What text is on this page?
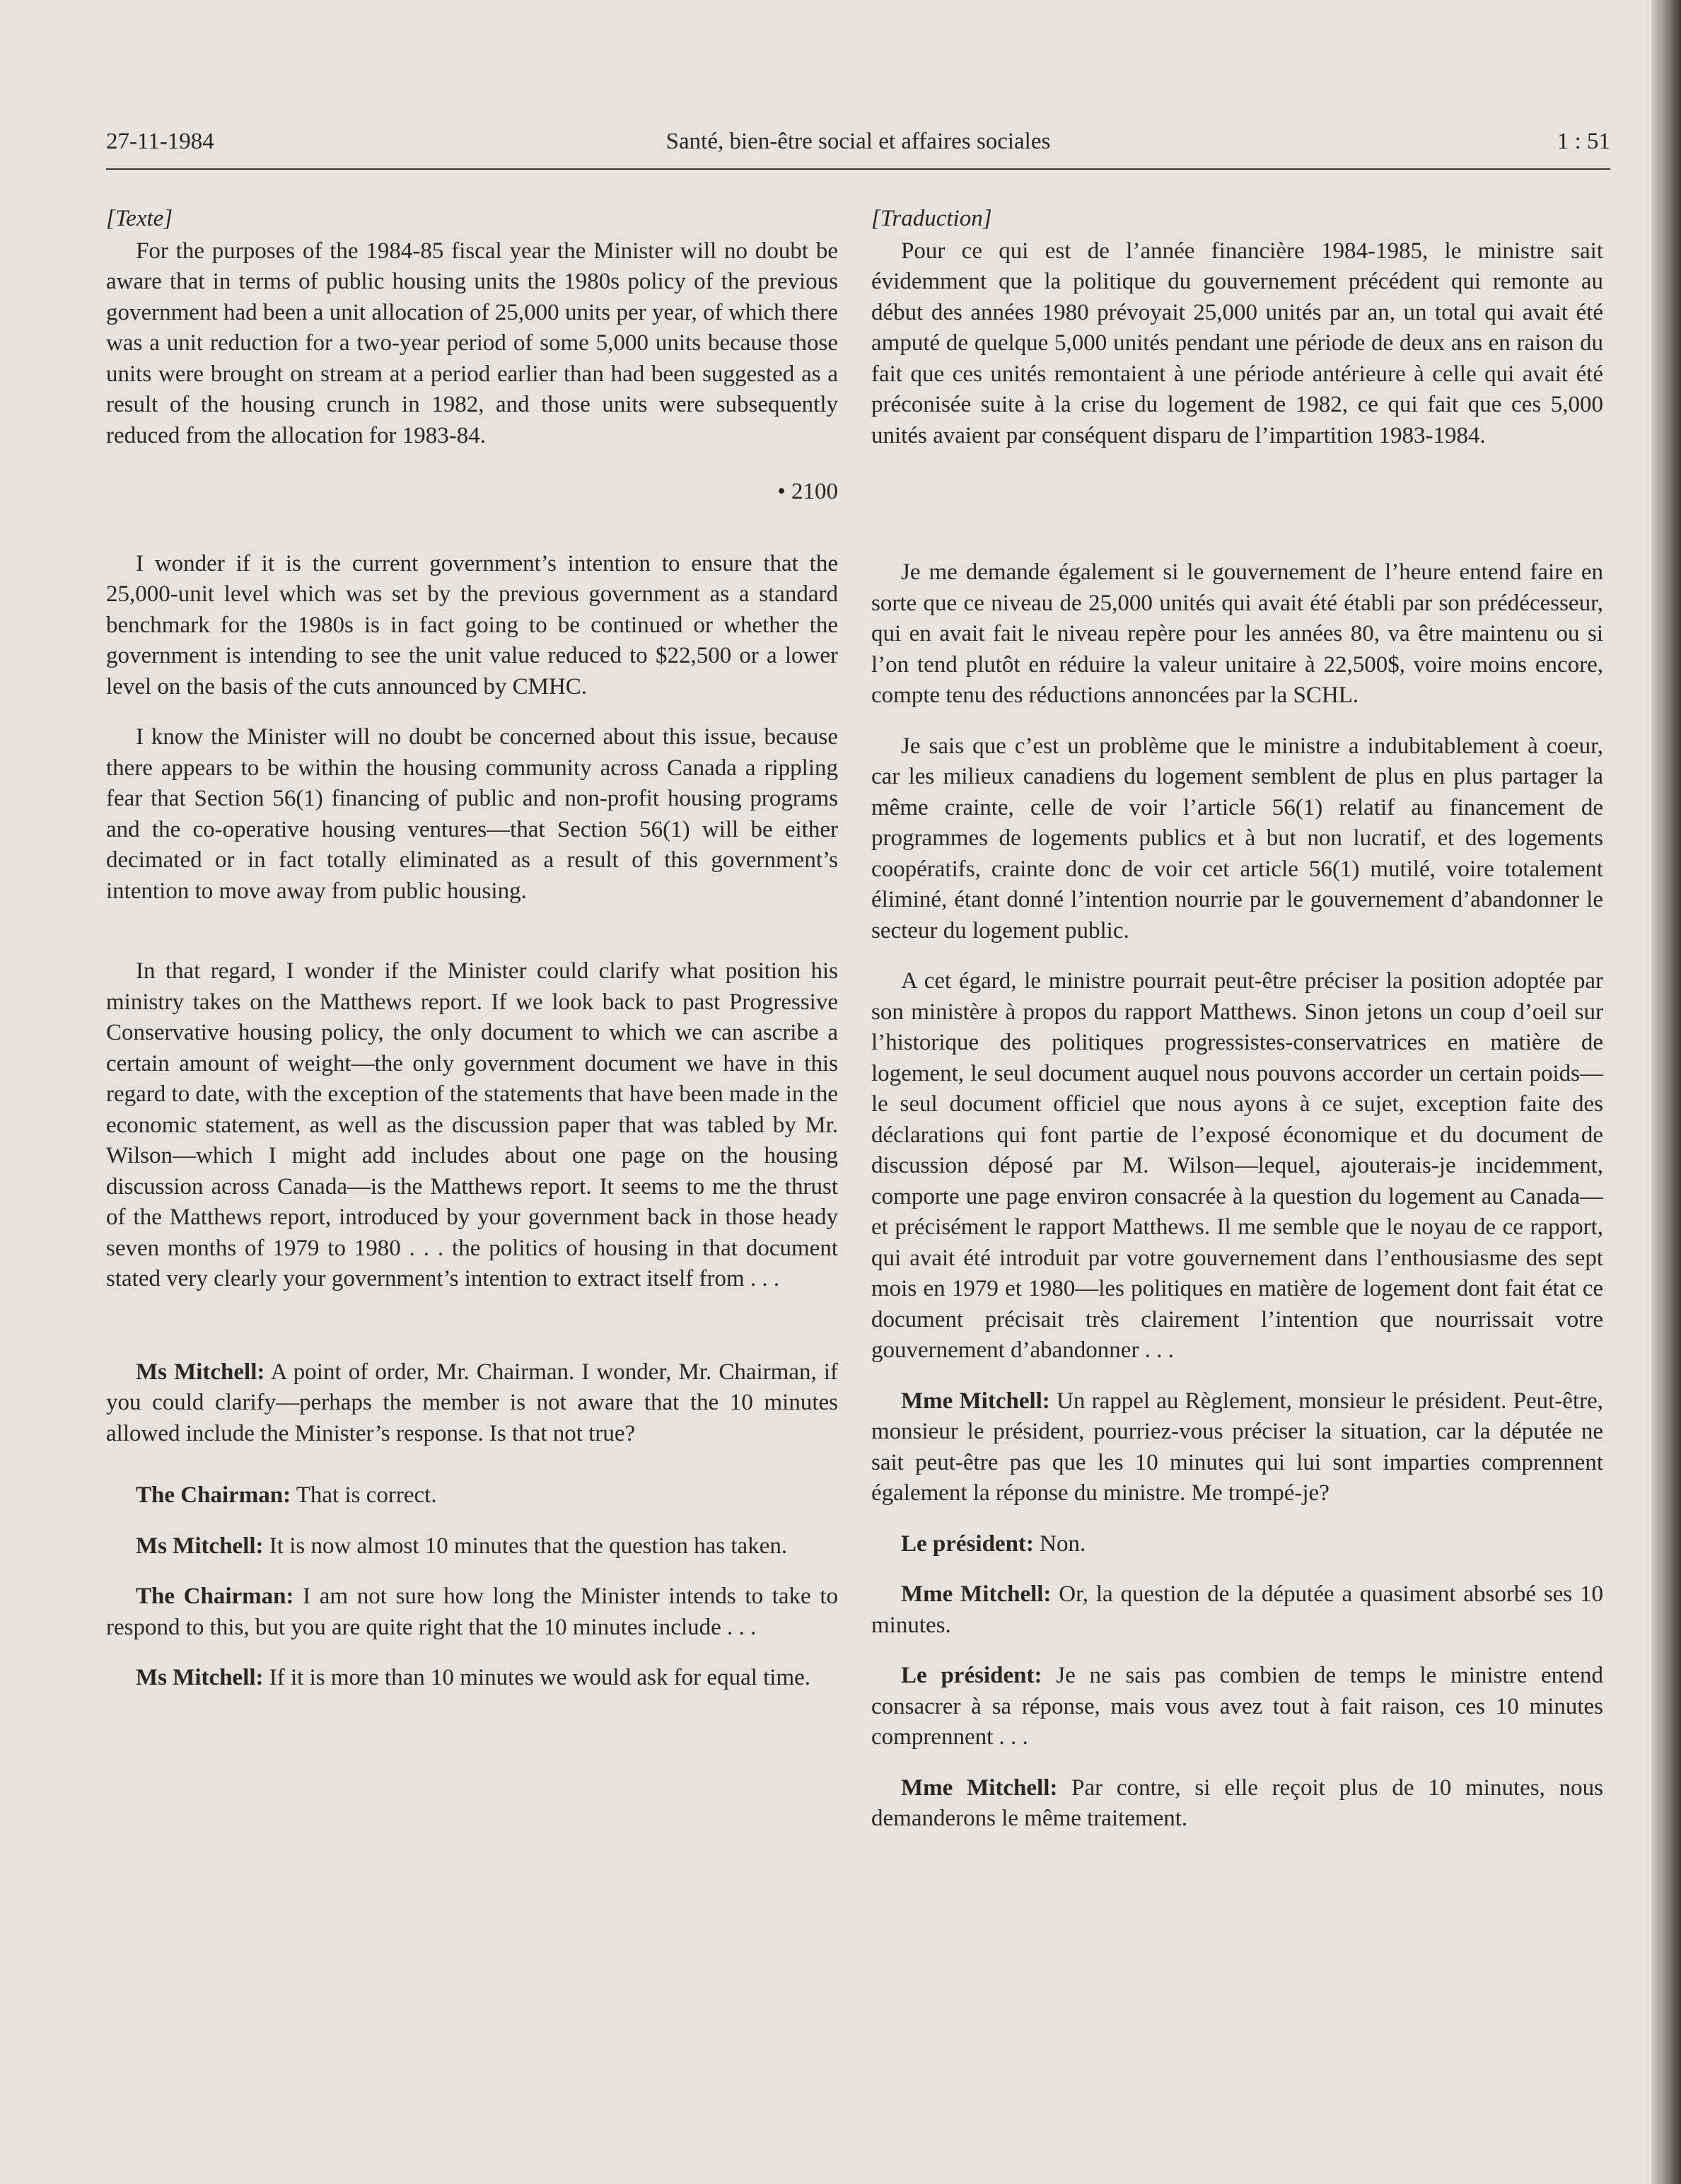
27-11-1984	Santé, bien-être social et affaires sociales	1 : 51

[Texte]

For the purposes of the 1984-85 fiscal year the Minister will no doubt be aware that in terms of public housing units the 1980s policy of the previous government had been a unit allocation of 25,000 units per year, of which there was a unit reduction for a two-year period of some 5,000 units because those units were brought on stream at a period earlier than had been suggested as a result of the housing crunch in 1982, and those units were subsequently reduced from the allocation for 1983-84.

• 2100

I wonder if it is the current government’s intention to ensure that the 25,000-unit level which was set by the previous government as a standard benchmark for the 1980s is in fact going to be continued or whether the government is intending to see the unit value reduced to $22,500 or a lower level on the basis of the cuts announced by CMHC.

I know the Minister will no doubt be concerned about this issue, because there appears to be within the housing community across Canada a rippling fear that Section 56(1) financing of public and non-profit housing programs and the co-operative housing ventures—that Section 56(1) will be either decimated or in fact totally eliminated as a result of this government’s intention to move away from public housing.

In that regard, I wonder if the Minister could clarify what position his ministry takes on the Matthews report. If we look back to past Progressive Conservative housing policy, the only document to which we can ascribe a certain amount of weight—the only government document we have in this regard to date, with the exception of the statements that have been made in the economic statement, as well as the discussion paper that was tabled by Mr. Wilson—which I might add includes about one page on the housing discussion across Canada—is the Matthews report. It seems to me the thrust of the Matthews report, introduced by your government back in those heady seven months of 1979 to 1980 . . . the politics of housing in that document stated very clearly your government’s intention to extract itself from . . .

Ms Mitchell: A point of order, Mr. Chairman. I wonder, Mr. Chairman, if you could clarify—perhaps the member is not aware that the 10 minutes allowed include the Minister’s response. Is that not true?

The Chairman: That is correct.

Ms Mitchell: It is now almost 10 minutes that the question has taken.

The Chairman: I am not sure how long the Minister intends to take to respond to this, but you are quite right that the 10 minutes include . . .

Ms Mitchell: If it is more than 10 minutes we would ask for equal time.

[Traduction]

Pour ce qui est de l’année financière 1984-1985, le ministre sait évidemment que la politique du gouvernement précédent qui remonte au début des années 1980 prévoyait 25,000 unités par an, un total qui avait été amputé de quelque 5,000 unités pendant une période de deux ans en raison du fait que ces unités remontaient à une période antérieure à celle qui avait été préconisée suite à la crise du logement de 1982, ce qui fait que ces 5,000 unités avaient par conséquent disparu de l’impartition 1983-1984.

Je me demande également si le gouvernement de l’heure entend faire en sorte que ce niveau de 25,000 unités qui avait été établi par son prédécesseur, qui en avait fait le niveau repère pour les années 80, va être maintenu ou si l’on tend plutôt en réduire la valeur unitaire à 22,500$, voire moins encore, compte tenu des réductions annoncées par la SCHL.

Je sais que c’est un problème que le ministre a indubitablement à coeur, car les milieux canadiens du logement semblent de plus en plus partager la même crainte, celle de voir l’article 56(1) relatif au financement de programmes de logements publics et à but non lucratif, et des logements coopératifs, crainte donc de voir cet article 56(1) mutilé, voire totalement éliminé, étant donné l’intention nourrie par le gouvernement d’abandonner le secteur du logement public.

A cet égard, le ministre pourrait peut-être préciser la position adoptée par son ministère à propos du rapport Matthews. Sinon jetons un coup d’oeil sur l’historique des politiques progressistes-conservatrices en matière de logement, le seul document auquel nous pouvons accorder un certain poids—le seul document officiel que nous ayons à ce sujet, exception faite des déclarations qui font partie de l’exposé économique et du document de discussion déposé par M. Wilson—lequel, ajouterais-je incidemment, comporte une page environ consacrée à la question du logement au Canada—et précisément le rapport Matthews. Il me semble que le noyau de ce rapport, qui avait été introduit par votre gouvernement dans l’enthousiasme des sept mois en 1979 et 1980—les politiques en matière de logement dont fait état ce document précisait très clairement l’intention que nourrissait votre gouvernement d’abandonner . . .

Mme Mitchell: Un rappel au Règlement, monsieur le président. Peut-être, monsieur le président, pourriez-vous préciser la situation, car la députée ne sait peut-être pas que les 10 minutes qui lui sont imparties comprennent également la réponse du ministre. Me trompé-je?

Le président: Non.

Mme Mitchell: Or, la question de la députée a quasiment absorbé ses 10 minutes.

Le président: Je ne sais pas combien de temps le ministre entend consacrer à sa réponse, mais vous avez tout à fait raison, ces 10 minutes comprennent . . .

Mme Mitchell: Par contre, si elle reçoit plus de 10 minutes, nous demanderons le même traitement.
